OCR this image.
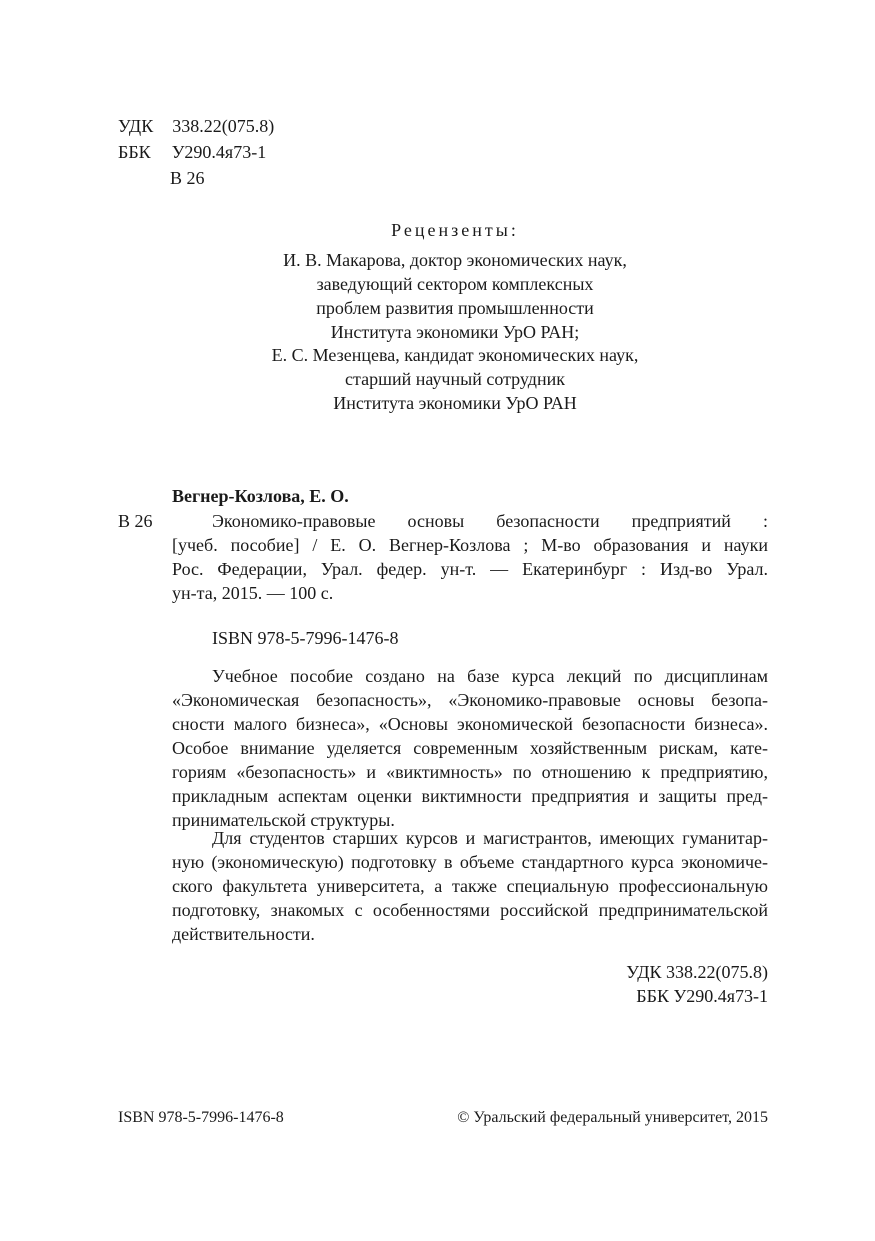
УДК 338.22(075.8)
ББК У290.4я73-1
В 26
Рецензенты:
И. В. Макарова, доктор экономических наук,
заведующий сектором комплексных
проблем развития промышленности
Института экономики УрО РАН;
Е. С. Мезенцева, кандидат экономических наук,
старший научный сотрудник
Института экономики УрО РАН
Вегнер-Козлова, Е. О.
В 26	Экономико-правовые основы безопасности предприятий :
[учеб. пособие] / Е. О. Вегнер-Козлова ; М-во образования и науки
Рос. Федерации, Урал. федер. ун-т. — Екатеринбург : Изд-во Урал.
ун-та, 2015. — 100 с.
ISBN 978-5-7996-1476-8
Учебное пособие создано на базе курса лекций по дисциплинам
«Экономическая безопасность», «Экономико-правовые основы безопа-
сности малого бизнеса», «Основы экономической безопасности бизнеса».
Особое внимание уделяется современным хозяйственным рискам, кате-
гориям «безопасность» и «виктимность» по отношению к предприятию,
прикладным аспектам оценки виктимности предприятия и защиты пред-
принимательской структуры.
Для студентов старших курсов и магистрантов, имеющих гуманитар-
ную (экономическую) подготовку в объеме стандартного курса экономиче-
ского факультета университета, а также специальную профессиональную
подготовку, знакомых с особенностями российской предпринимательской
действительности.
УДК 338.22(075.8)
ББК У290.4я73-1
ISBN 978-5-7996-1476-8	© Уральский федеральный университет, 2015
